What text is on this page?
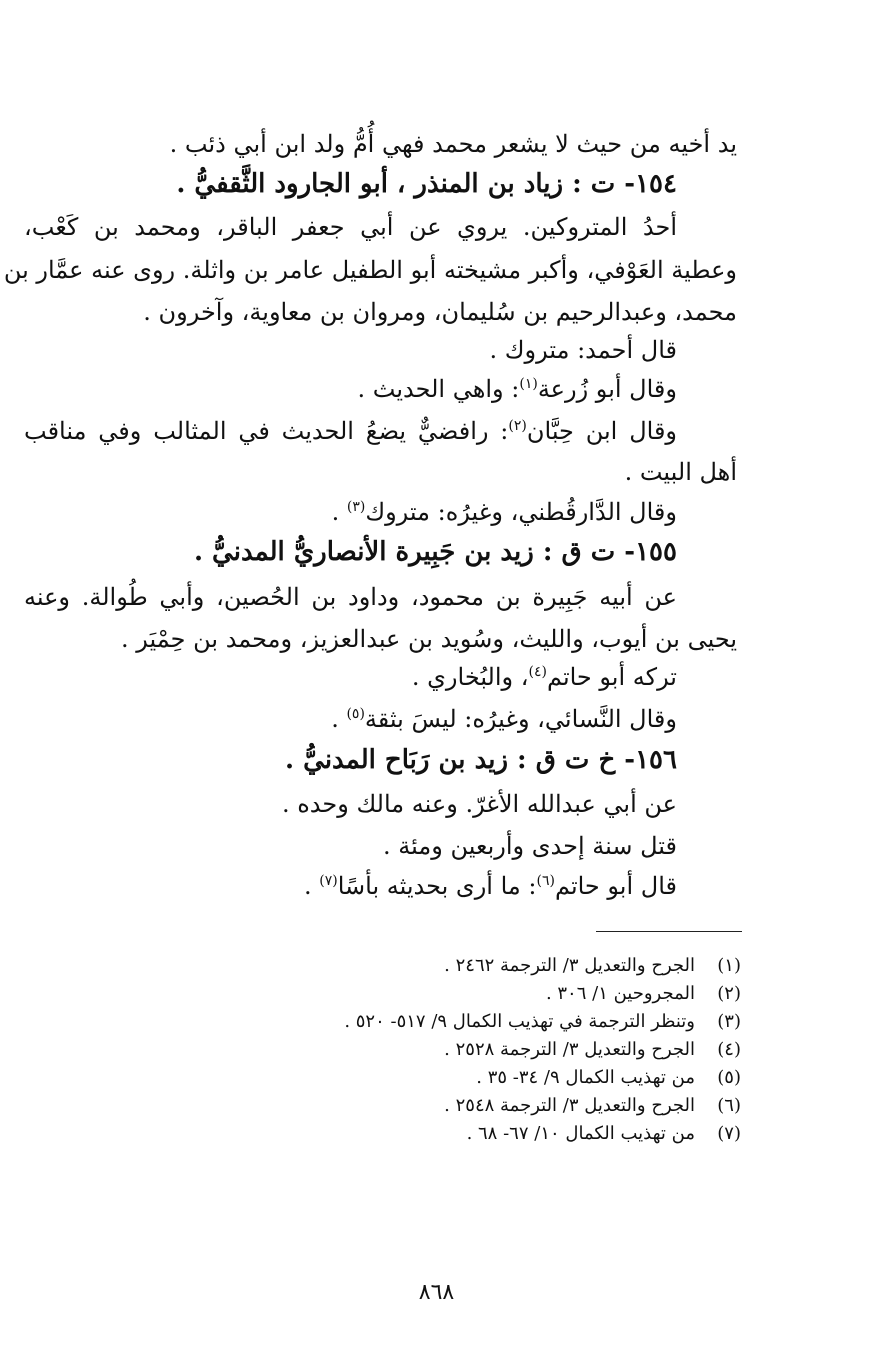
يد أخيه من حيث لا يشعر محمد فهي أُمُّ ولد ابن أبي ذئب .
١٥٤- ت : زياد بن المنذر ، أبو الجارود الثَّقفيُّ .
أحدُ المتروكين. يروي عن أبي جعفر الباقر، ومحمد بن كَعْب،
وعطية العَوْفي، وأكبر مشيخته أبو الطفيل عامر بن واثلة. روى عنه عمَّار بن
محمد، وعبدالرحيم بن سُليمان، ومروان بن معاوية، وآخرون .
قال أحمد: متروك .
وقال أبو زُرعة$^{(١)}$: واهي الحديث .
وقال ابن حِبَّان$^{(٢)}$: رافضيٌّ يضعُ الحديث في المثالب وفي مناقب
أهل البيت .
وقال الدَّارقُطني، وغيرُه: متروك$^{(٣)}$ .
١٥٥- ت ق : زيد بن جَبِيرة الأنصاريُّ المدنيُّ .
عن أبيه جَبِيرة بن محمود، وداود بن الحُصين، وأبي طُوالة. وعنه
يحيى بن أيوب، والليث، وسُويد بن عبدالعزيز، ومحمد بن حِمْيَر .
تركه أبو حاتم$^{(٤)}$، والبُخاري .
وقال النَّسائي، وغيرُه: ليسَ بثقة$^{(٥)}$ .
١٥٦- خ ت ق : زيد بن رَبَاح المدنيُّ .
عن أبي عبدالله الأغرّ. وعنه مالك وحده .
قتل سنة إحدى وأربعين ومئة .
قال أبو حاتم$^{(٦)}$: ما أرى بحديثه بأسًا$^{(٧)}$ .
(١)الجرح والتعديل ٣/ الترجمة ٢٤٦٢ .
(٢)المجروحين ١/ ٣٠٦ .
(٣)وتنظر الترجمة في تهذيب الكمال ٩/ ٥١٧- ٥٢٠ .
(٤)الجرح والتعديل ٣/ الترجمة ٢٥٢٨ .
(٥)من تهذيب الكمال ٩/ ٣٤- ٣٥ .
(٦)الجرح والتعديل ٣/ الترجمة ٢٥٤٨ .
(٧)من تهذيب الكمال ١٠/ ٦٧- ٦٨ .
٨٦٨
